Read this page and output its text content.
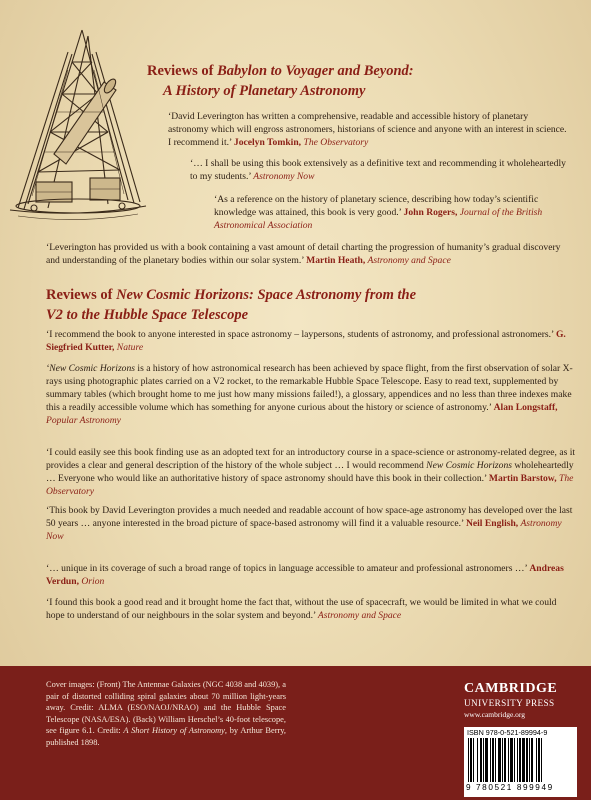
Reviews of Babylon to Voyager and Beyond:
A History of Planetary Astronomy

‘David Leverington has written a comprehensive, readable and accessible history of planetary astronomy which will engross astronomers, historians of science and anyone with an interest in science. I recommend it.’ Jocelyn Tomkin, The Observatory

‘… I shall be using this book extensively as a definitive text and recommending it wholeheartedly to my students.’ Astronomy Now

‘As a reference on the history of planetary science, describing how today’s scientific knowledge was attained, this book is very good.’ John Rogers, Journal of the British Astronomical Association

‘Leverington has provided us with a book containing a vast amount of detail charting the progression of humanity’s gradual discovery and understanding of the planetary bodies within our solar system.’ Martin Heath, Astronomy and Space

Reviews of New Cosmic Horizons: Space Astronomy from the
V2 to the Hubble Space Telescope

‘I recommend the book to anyone interested in space astronomy – laypersons, students of astronomy, and professional astronomers.’ G. Siegfried Kutter, Nature

‘New Cosmic Horizons is a history of how astronomical research has been achieved by space flight, from the first observation of solar X-rays using photographic plates carried on a V2 rocket, to the remarkable Hubble Space Telescope. Easy to read text, supplemented by summary tables (which brought home to me just how many missions failed!), a glossary, appendices and no less than three indexes make this a readily accessible volume which has something for anyone curious about the history or science of astronomy.’ Alan Longstaff, Popular Astronomy

‘I could easily see this book finding use as an adopted text for an introductory course in a space-science or astronomy-related degree, as it provides a clear and general description of the history of the whole subject … I would recommend New Cosmic Horizons wholeheartedly … Everyone who would like an authoritative history of space astronomy should have this book in their collection.’ Martin Barstow, The Observatory

‘This book by David Leverington provides a much needed and readable account of how space-age astronomy has developed over the last 50 years … anyone interested in the broad picture of space-based astronomy will find it a valuable resource.’ Neil English, Astronomy Now

‘… unique in its coverage of such a broad range of topics in language accessible to amateur and professional astronomers …’ Andreas Verdun, Orion

‘I found this book a good read and it brought home the fact that, without the use of spacecraft, we would be limited in what we could hope to understand of our neighbours in the solar system and beyond.’ Astronomy and Space

Cover images: (Front) The Antennae Galaxies (NGC 4038 and 4039), a pair of distorted colliding spiral galaxies about 70 million light-years away. Credit: ALMA (ESO/NAOJ/NRAO) and the Hubble Space Telescope (NASA/ESA). (Back) William Herschel’s 40-foot telescope, see figure 6.1. Credit: A Short History of Astronomy, by Arthur Berry, published 1898.

CAMBRIDGE
UNIVERSITY PRESS
www.cambridge.org
ISBN 978-0-521-89994-9
9 780521 899949
